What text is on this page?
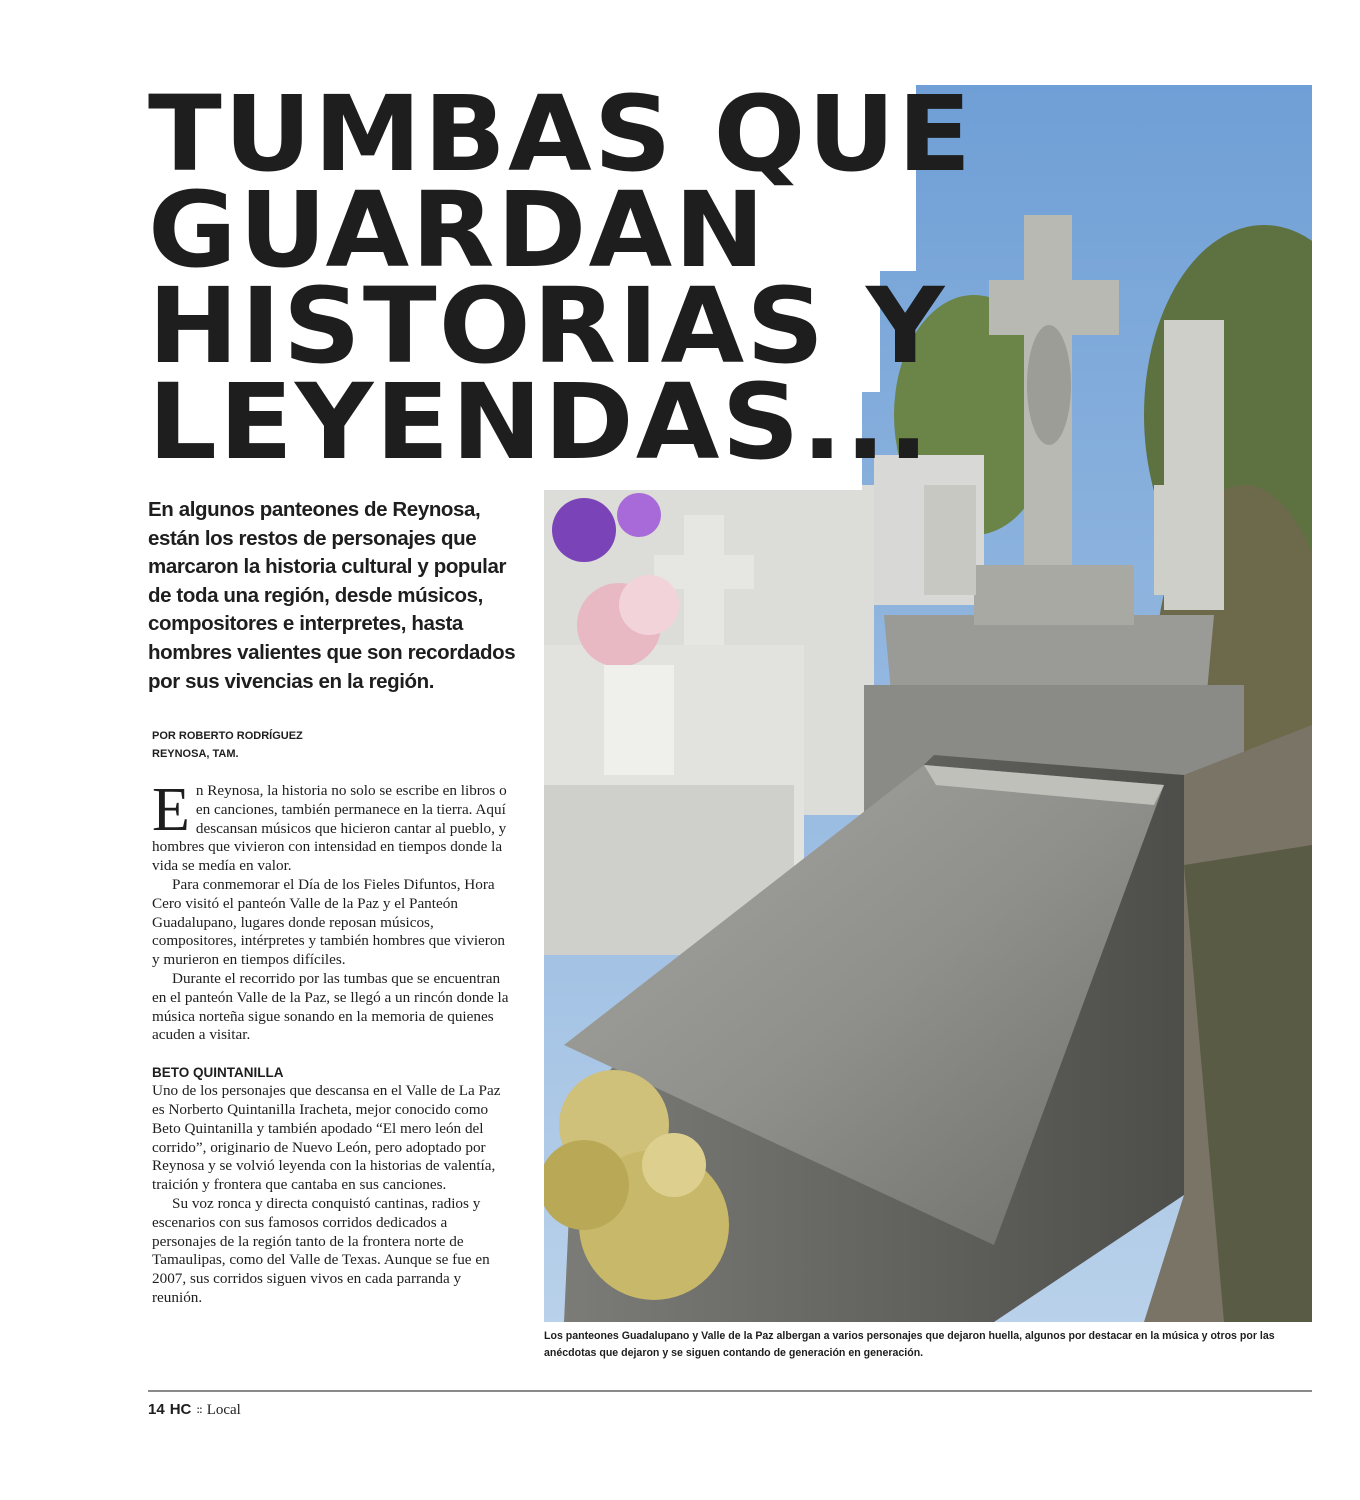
TUMBAS QUE
GUARDAN
HISTORIAS Y
LEYENDAS...

En algunos panteones de Reynosa, están los restos de personajes que marcaron la historia cultural y popular de toda una región, desde músicos, compositores e interpretes, hasta hombres valientes que son recordados por sus vivencias en la región.

POR ROBERTO RODRÍGUEZ
REYNOSA, TAM.

En Reynosa, la historia no solo se escribe en libros o en canciones, también permanece en la tierra. Aquí descansan músicos que hicieron cantar al pueblo, y hombres que vivieron con intensidad en tiempos donde la vida se medía en valor.

Para conmemorar el Día de los Fieles Difuntos, Hora Cero visitó el panteón Valle de la Paz y el Panteón Guadalupano, lugares donde reposan músicos, compositores, intérpretes y también hombres que vivieron y murieron en tiempos difíciles.

Durante el recorrido por las tumbas que se encuentran en el panteón Valle de la Paz, se llegó a un rincón donde la música norteña sigue sonando en la memoria de quienes acuden a visitar.

BETO QUINTANILLA

Uno de los personajes que descansa en el Valle de La Paz es Norberto Quintanilla Iracheta, mejor conocido como Beto Quintanilla y también apodado “El mero león del corrido”, originario de Nuevo León, pero adoptado por Reynosa y se volvió leyenda con la historias de valentía, traición y frontera que cantaba en sus canciones.

Su voz ronca y directa conquistó cantinas, radios y escenarios con sus famosos corridos dedicados a personajes de la región tanto de la frontera norte de Tamaulipas, como del Valle de Texas. Aunque se fue en 2007, sus corridos siguen vivos en cada parranda y reunión.

Los panteones Guadalupano y Valle de la Paz albergan a varios personajes que dejaron huella, algunos por destacar en la música y otros por las anécdotas que dejaron y se siguen contando de generación en generación.
14 HC :: Local
